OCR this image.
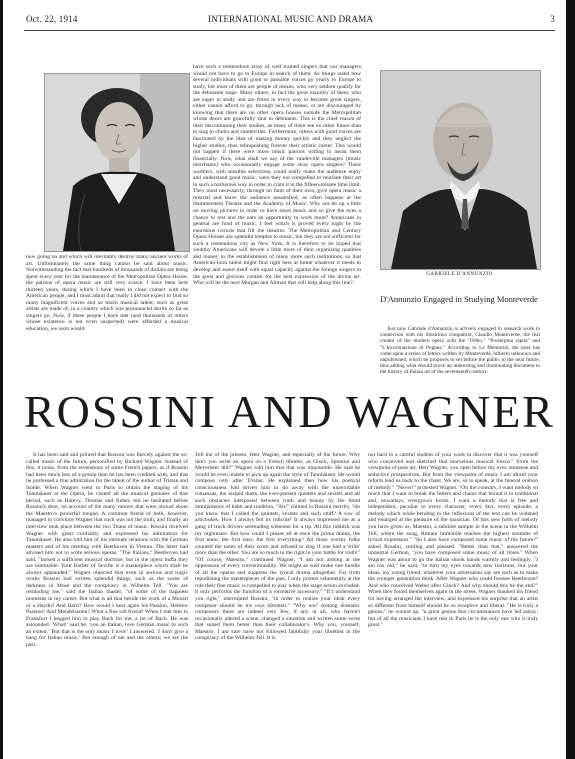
Oct. 22, 1914	INTERNATIONAL MUSIC AND DRAMA	3
TITTA RUFFO AS HAMLET

now going on and which will inevitably destroy many ancient works of art. Unfortunately the same thing cannot be said about music. Notwithstanding the fact that hundreds of thousands of dollars are being spent every year for the maintenance of the Metropolitan Opera House, the patrons of opera music are still very scarce. I have been here thirteen years, during which I have been in close contact with the American people, and I must admit that really I did not expect to find so many magnificent voices and so much musical talent, such as great artists are made of, in a country which was pronounced sterile so far as singers go. Now, if these people I have met (and thousands of others whose existence is not even suspected) were afforded a musical education, we soon would

have such a tremendous array of well trained singers that our managers would not have to go to Europe in search of them. As things stand now several individuals with good or passable voices go yearly to Europe to study, but most of them are people of means, who very seldom qualify for the debutante stage. Many others, in fact the great majority of them, who are eager to study and are fitted in every way to become great singers, either cannot afford to go, through lack of means, or are discouraged by knowing that there are no other opera houses outside the Metropolitan whose doors are gracefully shut to debutants. This is the chief reason of their discontinuing their studies, as many of them see no other future than to sing in choirs and vaudevilles. Furthermore, others with good voices are fascinated by the idea of making money quickly and they neglect the higher studies, thus relinquishing forever their artistic career. This would not happen if there were more music patrons willing to assist them financially. Now, what shall we say of the vaudeville managers (music merchants) who occasionally engage some stray opera singers? These warblers, with sensible selections, could really make the audience enjoy and understand good music, were they not compelled to mutilate their art in such a barbarous way in order to cram it in the fifteen-minute time limit. They must necessarily, through no fault of their own, give opera music a mistrial and leave the audience unsatisfied, as often happens at the Hammerstein Theatre and the Academy of Music. Why not let up a little on moving pictures in order to have more music and so give the eyes a chance to rest and the ears an opportunity to work more? Americans in general are fond of music. I feel which is proved every night by the enormous crowds that fill the theatres. The Metropolitan and Century Opera Houses are splendid temples to music, but they are not sufficient for such a tremendous city as New York. It is therefore to be hoped that wealthy Americans will devote a little more of their organizing qualities and money to the establishment of many more such institutions, so that American-born talent might find right here at home whatever it needs to develop and assert itself with equal capacity against the foreign singers in the great and glorious contest for the best expression of the divine art. Who will be the next Morgan and Altman that will help along this line?

GABRIELE D'ANNUNZIO
D'Annunzio Engaged in Studying Monteverde

Just now Gabriele d'Annunzio is actively engaged in research work in connection with his illustrious compatriot, Claudio Monteverde, the real creator of the modern opera with the "Orfeo," "Proserpina rapita" and "L'Incoronazione di Poppea." According to Le Memorial, the poet has come upon a series of letters written by Monteverde, hitherto unknown and unpublished, which he proposes to set before the public in the near future, thus adding what should prove an interesting and illuminating document to the history of Italian art of the seventeenth century.

ROSSINI AND WAGNER

It has been said and printed that Rossini was fiercely against the so-called music of the future, personified by Richard Wagner. Instead of this, it looks, from the revelations of some French papers, as if Rossini had been much less of a gossip than he has been credited with, and that he professed a true admiration for the talent of the author of Tristan and Isolde. When Wagner went to Paris to obtain the staging of his Tannhäuser at the Opera, he visited all the musical geniuses of that period, such as Halevy, Thomas and Auber, but he hesitated before Rossini's door, on account of the many rumors that were abroad about the Maestro's powerful tongue. A common friend of both, however, managed to convince Wagner that such was not the truth, and finally an interview took place between the two Titans of music. Rossini received Wagner with great cordiality and expressed his admiration for Tannhäuser. He also told him of his intimate relations with the German masters and of his meeting with Beethoven in Vienna. The latter had advised him not to write serious operas. "The Italians," Beethoven had said, "lacked a sufficient musical doctrine, but in the opera buffa they are inimitable. Your Barber of Seville is a masterpiece which shall be always applauded." Wagner objected that even in serious and tragic works Rossini had written splendid things, such as the scene of darkness in Mosè and the conspiracy in Wilhelm Tell. "You are reminding me," said the Italian master, "of some of the happiest moments in my career. But what is all that beside the work of a Mozart or a Haydn? And Bach? How would I hear again his Passion, Hebrew Passion! And Mendelssohn? What a fine old friend! When I met him in Frankfort I begged him to play Bach for me, a lot of Bach. He was astounded. 'What!' said he, 'you an Italian, love German music to such an extent.' 'But that is the only music I love!' I answered. 'I don't give a hang for Italian music.' But enough of me and the others; we are the past.

Tell me of the present, Herr Wagner, and especially of the future. Why don't you write an opera on a French libretto, as Gluck, Spontini and Meyerbeer did?" Wagner told him that that was impossible. He said he would be even unable to pick up again the style of Tannhäuser. He would compose only after Tristan. He explained then how his poetical consciousness had driven him to do away with the unavoidable romanzas, the insipid duets, the ever-present quintets and sextets and all such obstacles interposed between truth and beauty by the blind omnipotence of habit and tradition. "Ah!" chimed in Rossini merrily, "do you know that I called the quintets, sextets and such stuff? A row of artichokes. How I always felt its ridicule! It always impressed me as a gang of truck drivers serenading someone for a tip. All this rubbish was my nightmare. But how could I please all at once the prima donna, the first tenor, the first bass, the first everything? All those worthy folks counted the notes of their score and refused to sing if one had a 'trille' more than the other. You are so much in the right in your battle for truth!" "Of course, Maestro," continued Wagner, "I am not aiming at the oppression of every conventionality. We might as well make one bundle of all the operas and suppress the lyrical drama altogether. Far from repudiating the masterpieces of the past, I only protest vehemently at the role their fine music is compelled to play when the stage action excluded. It only performs the function of a recreative accessory." "If I understand you right," interrupted Rossini, "in order to realize your ideal every composer should be his own librettist." "Why not? Among dramatic composers there are indeed very few, if any at all, who haven't occasionally altered a scene, changed a situation and written some verse that suited them better than their collaborator's. Why you, yourself, Maestro, I am sure have not followed faithfully your librettist in the conspiracy of the Wilhelm Tell. It is

not hard to a careful student of your work to discover that it was yourself who conceived and sketched that marvelous musical fresco." From the viewpoint of pure art, Herr Wagner, you open before my eyes immense and seductive prospectives. But from the viewpoint of music I am afraid your reform lead us back to the chant. We are, so to speak, at the funeral oration of melody." "Never!" protested Wagner. "On the contrary, I want melody so much that I want to break the fetters and chains that bound it to traditional and, nowadays, overgrown forms. I want a melody that is free and independent, peculiar to every character, every fact, every episode, a melody which while bending to the inflexions of the text can be widened and enlarged at the pleasure of the musician. Of this new form of melody you have given us, Maestro, a sublime sample in the scene in the Wilhelm Tell, where the song, Rimani immobile reaches the highest summits of lyrical expression." "So I also have composed some music of the future?" asked Rossini, smiling and pleased. "Better than that," answered the immortal German, "you have composed some music of all times." When Wagner was about to go the Italian shook hands warmly and feelingly. "I am too old," he said, "to turn my eyes towards new horizons, but your ideas, my young friend, whatever your adversaries say are such as to make the younger generation think. After Wagner who could foresee Beethoven? And who conceived Weber after Gluck? And why should this be the end?" When they found themselves again in the street, Wagner thanked his friend for having arranged the interview, and expressed his surprise that an artist so different from himself should be so receptive and liberal. "He is truly a genius," he wound up, "a great genius that circumstances have led astray; but of all the musicians I have met in Paris he is the only one who is truly great."
